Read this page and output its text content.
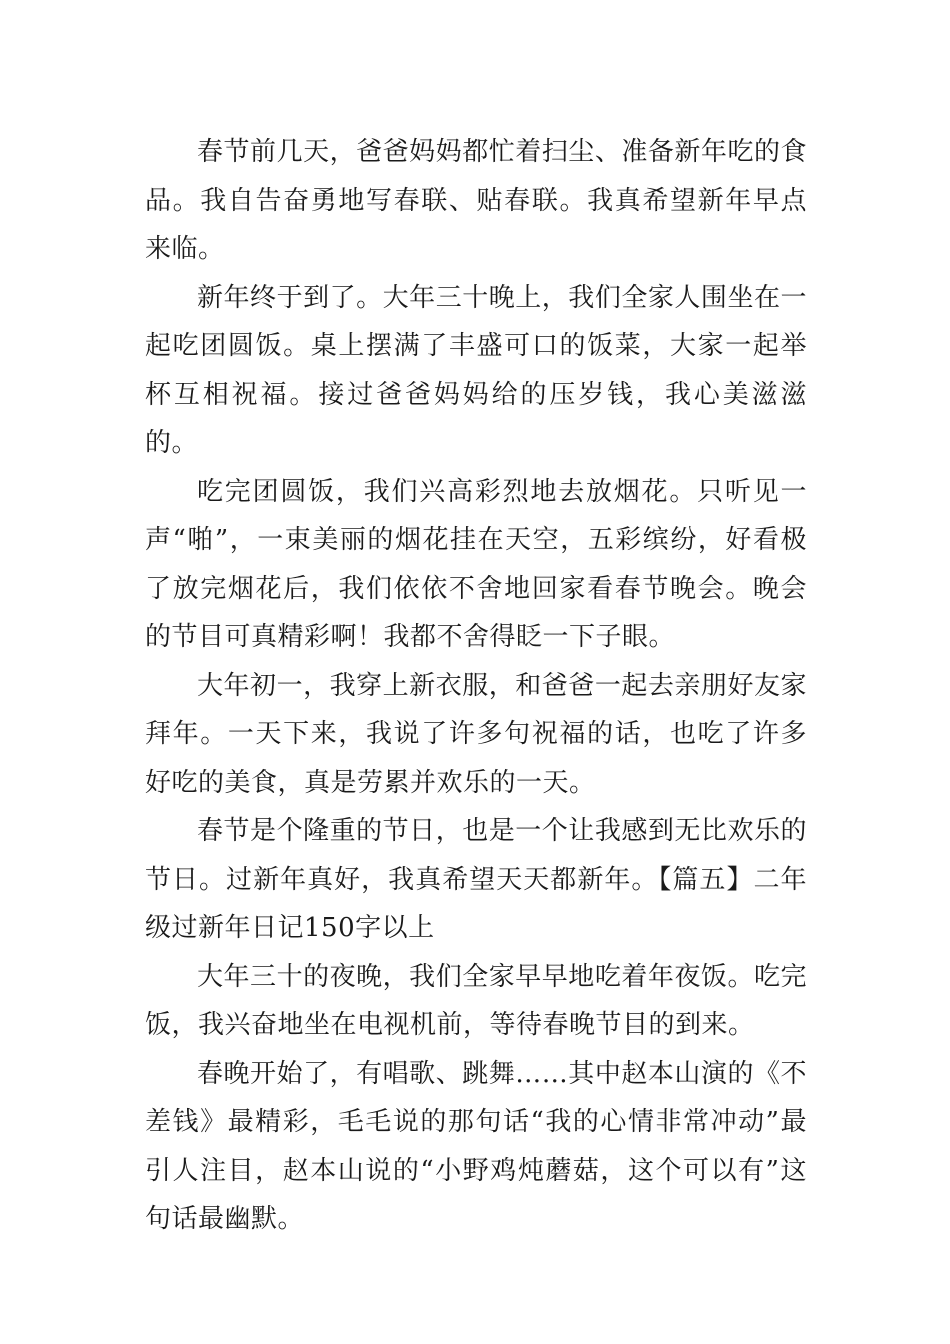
春节前几天，爸爸妈妈都忙着扫尘、准备新年吃的食品。我自告奋勇地写春联、贴春联。我真希望新年早点来临。

新年终于到了。大年三十晚上，我们全家人围坐在一起吃团圆饭。桌上摆满了丰盛可口的饭菜，大家一起举杯互相祝福。接过爸爸妈妈给的压岁钱，我心美滋滋的。

吃完团圆饭，我们兴高彩烈地去放烟花。只听见一声“啪”，一束美丽的烟花挂在天空，五彩缤纷，好看极了放完烟花后，我们依依不舍地回家看春节晚会。晚会的节目可真精彩啊！我都不舍得眨一下子眼。

大年初一，我穿上新衣服，和爸爸一起去亲朋好友家拜年。一天下来，我说了许多句祝福的话，也吃了许多好吃的美食，真是劳累并欢乐的一天。

春节是个隆重的节日，也是一个让我感到无比欢乐的节日。过新年真好，我真希望天天都新年。【篇五】二年级过新年日记150字以上

大年三十的夜晚，我们全家早早地吃着年夜饭。吃完饭，我兴奋地坐在电视机前，等待春晚节目的到来。

春晚开始了，有唱歌、跳舞……其中赵本山演的《不差钱》最精彩，毛毛说的那句话“我的心情非常冲动”最引人注目，赵本山说的“小野鸡炖蘑菇，这个可以有”这句话最幽默。
